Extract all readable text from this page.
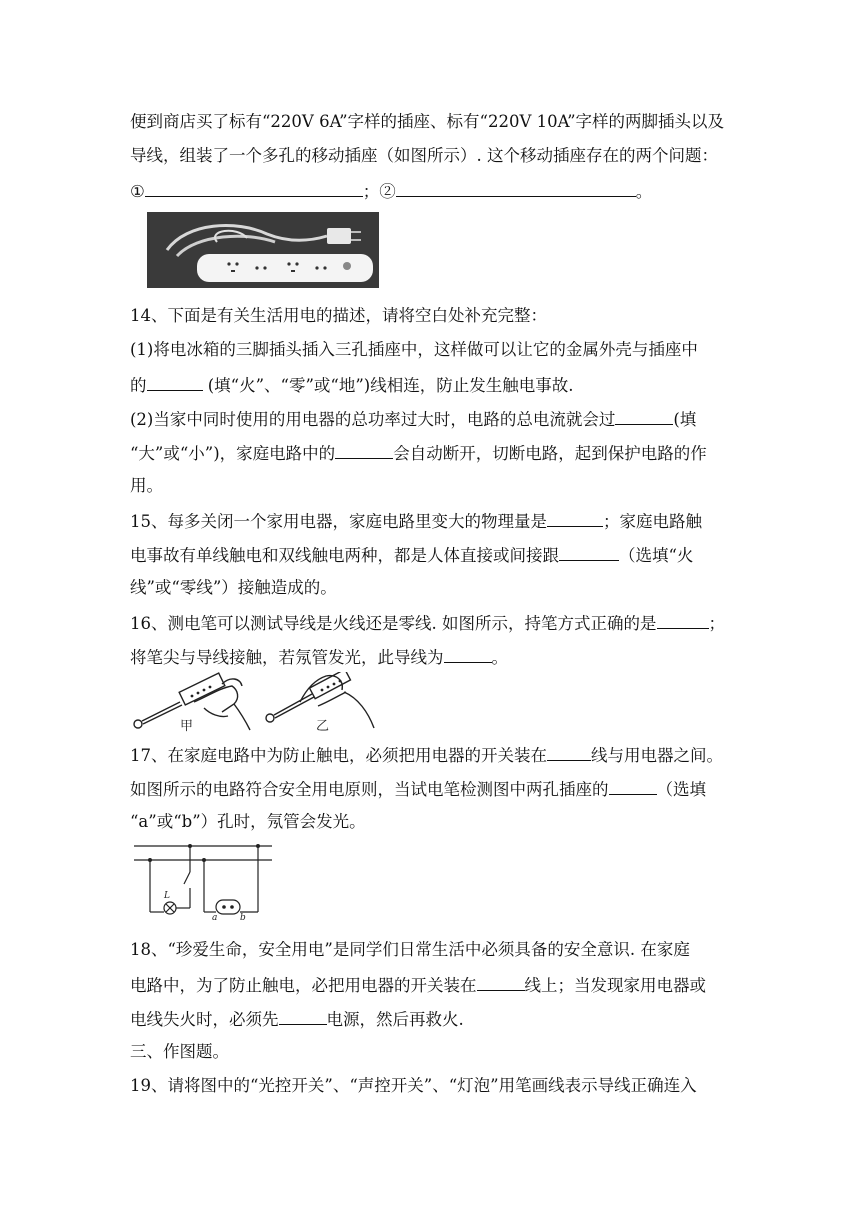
便到商店买了标有“220V 6A”字样的插座、标有“220V 10A”字样的两脚插头以及
导线，组装了一个多孔的移动插座（如图所示）. 这个移动插座存在的两个问题：
①	；②	。
14、下面是有关生活用电的描述，请将空白处补充完整：
(1)将电冰箱的三脚插头插入三孔插座中，这样做可以让它的金属外壳与插座中
的	(填“火”、“零”或“地”)线相连，防止发生触电事故.
(2)当家中同时使用的用电器的总功率过大时，电路的总电流就会过	(填
“大”或“小”)，家庭电路中的	会自动断开，切断电路，起到保护电路的作
用。
15、每多关闭一个家用电器，家庭电路里变大的物理量是	；家庭电路触
电事故有单线触电和双线触电两种，都是人体直接或间接跟	（选填“火
线”或“零线”）接触造成的。
16、测电笔可以测试导线是火线还是零线. 如图所示，持笔方式正确的是	；
将笔尖与导线接触，若氖管发光，此导线为	。
甲	乙
17、在家庭电路中为防止触电，必须把用电器的开关装在	线与用电器之间。
如图所示的电路符合安全用电原则，当试电笔检测图中两孔插座的	（选填
“a”或“b”）孔时，氖管会发光。
L
a	b
18、“珍爱生命，安全用电”是同学们日常生活中必须具备的安全意识. 在家庭
电路中，为了防止触电，必把用电器的开关装在	线上；当发现家用电器或
电线失火时，必须先	电源，然后再救火.
三、作图题。
19、请将图中的“光控开关”、“声控开关”、“灯泡”用笔画线表示导线正确连入
